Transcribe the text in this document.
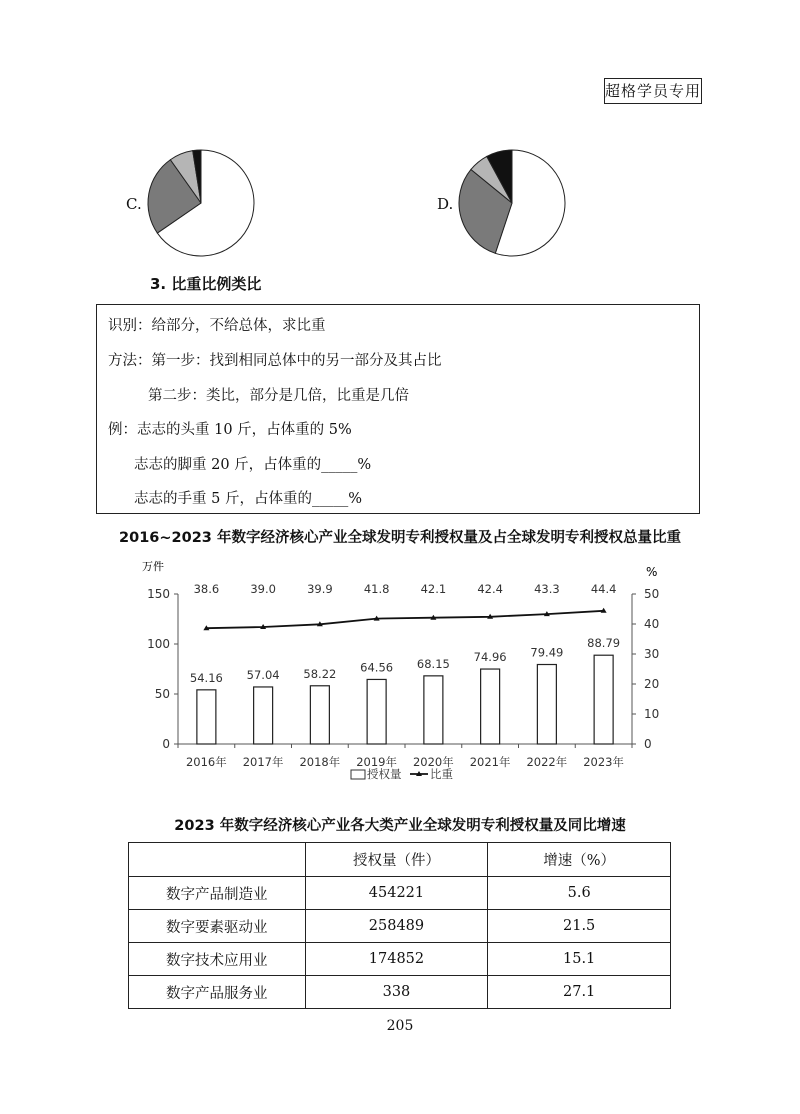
超格学员专用
C.	D.
3. 比重比例类比
识别：给部分，不给总体，求比重
方法：第一步：找到相同总体中的另一部分及其占比
第二步：类比，部分是几倍，比重是几倍
例：志志的头重 10 斤，占体重的 5%
志志的脚重 20 斤，占体重的_____%
志志的手重 5 斤，占体重的_____%
2016~2023 年数字经济核心产业全球发明专利授权量及占全球发明专利授权总量比重
0
50
100
150
0
10
20
30
40
50
2016年 2017年 2018年 2019年 2020年 2021年 2022年 2023年
54.16 57.04 58.22 64.56 68.15 74.96 79.49
88.79
38.6	39.0	39.9	41.8	42.1	42.4	43.3	44.4
授权量 比重
万件	%
2023 年数字经济核心产业各大类产业全球发明专利授权量及同比增速
	授权量（件）	增速（%）
数字产品制造业	454221	5.6
数字要素驱动业	258489	21.5
数字技术应用业	174852	15.1
数字产品服务业	338	27.1
205
